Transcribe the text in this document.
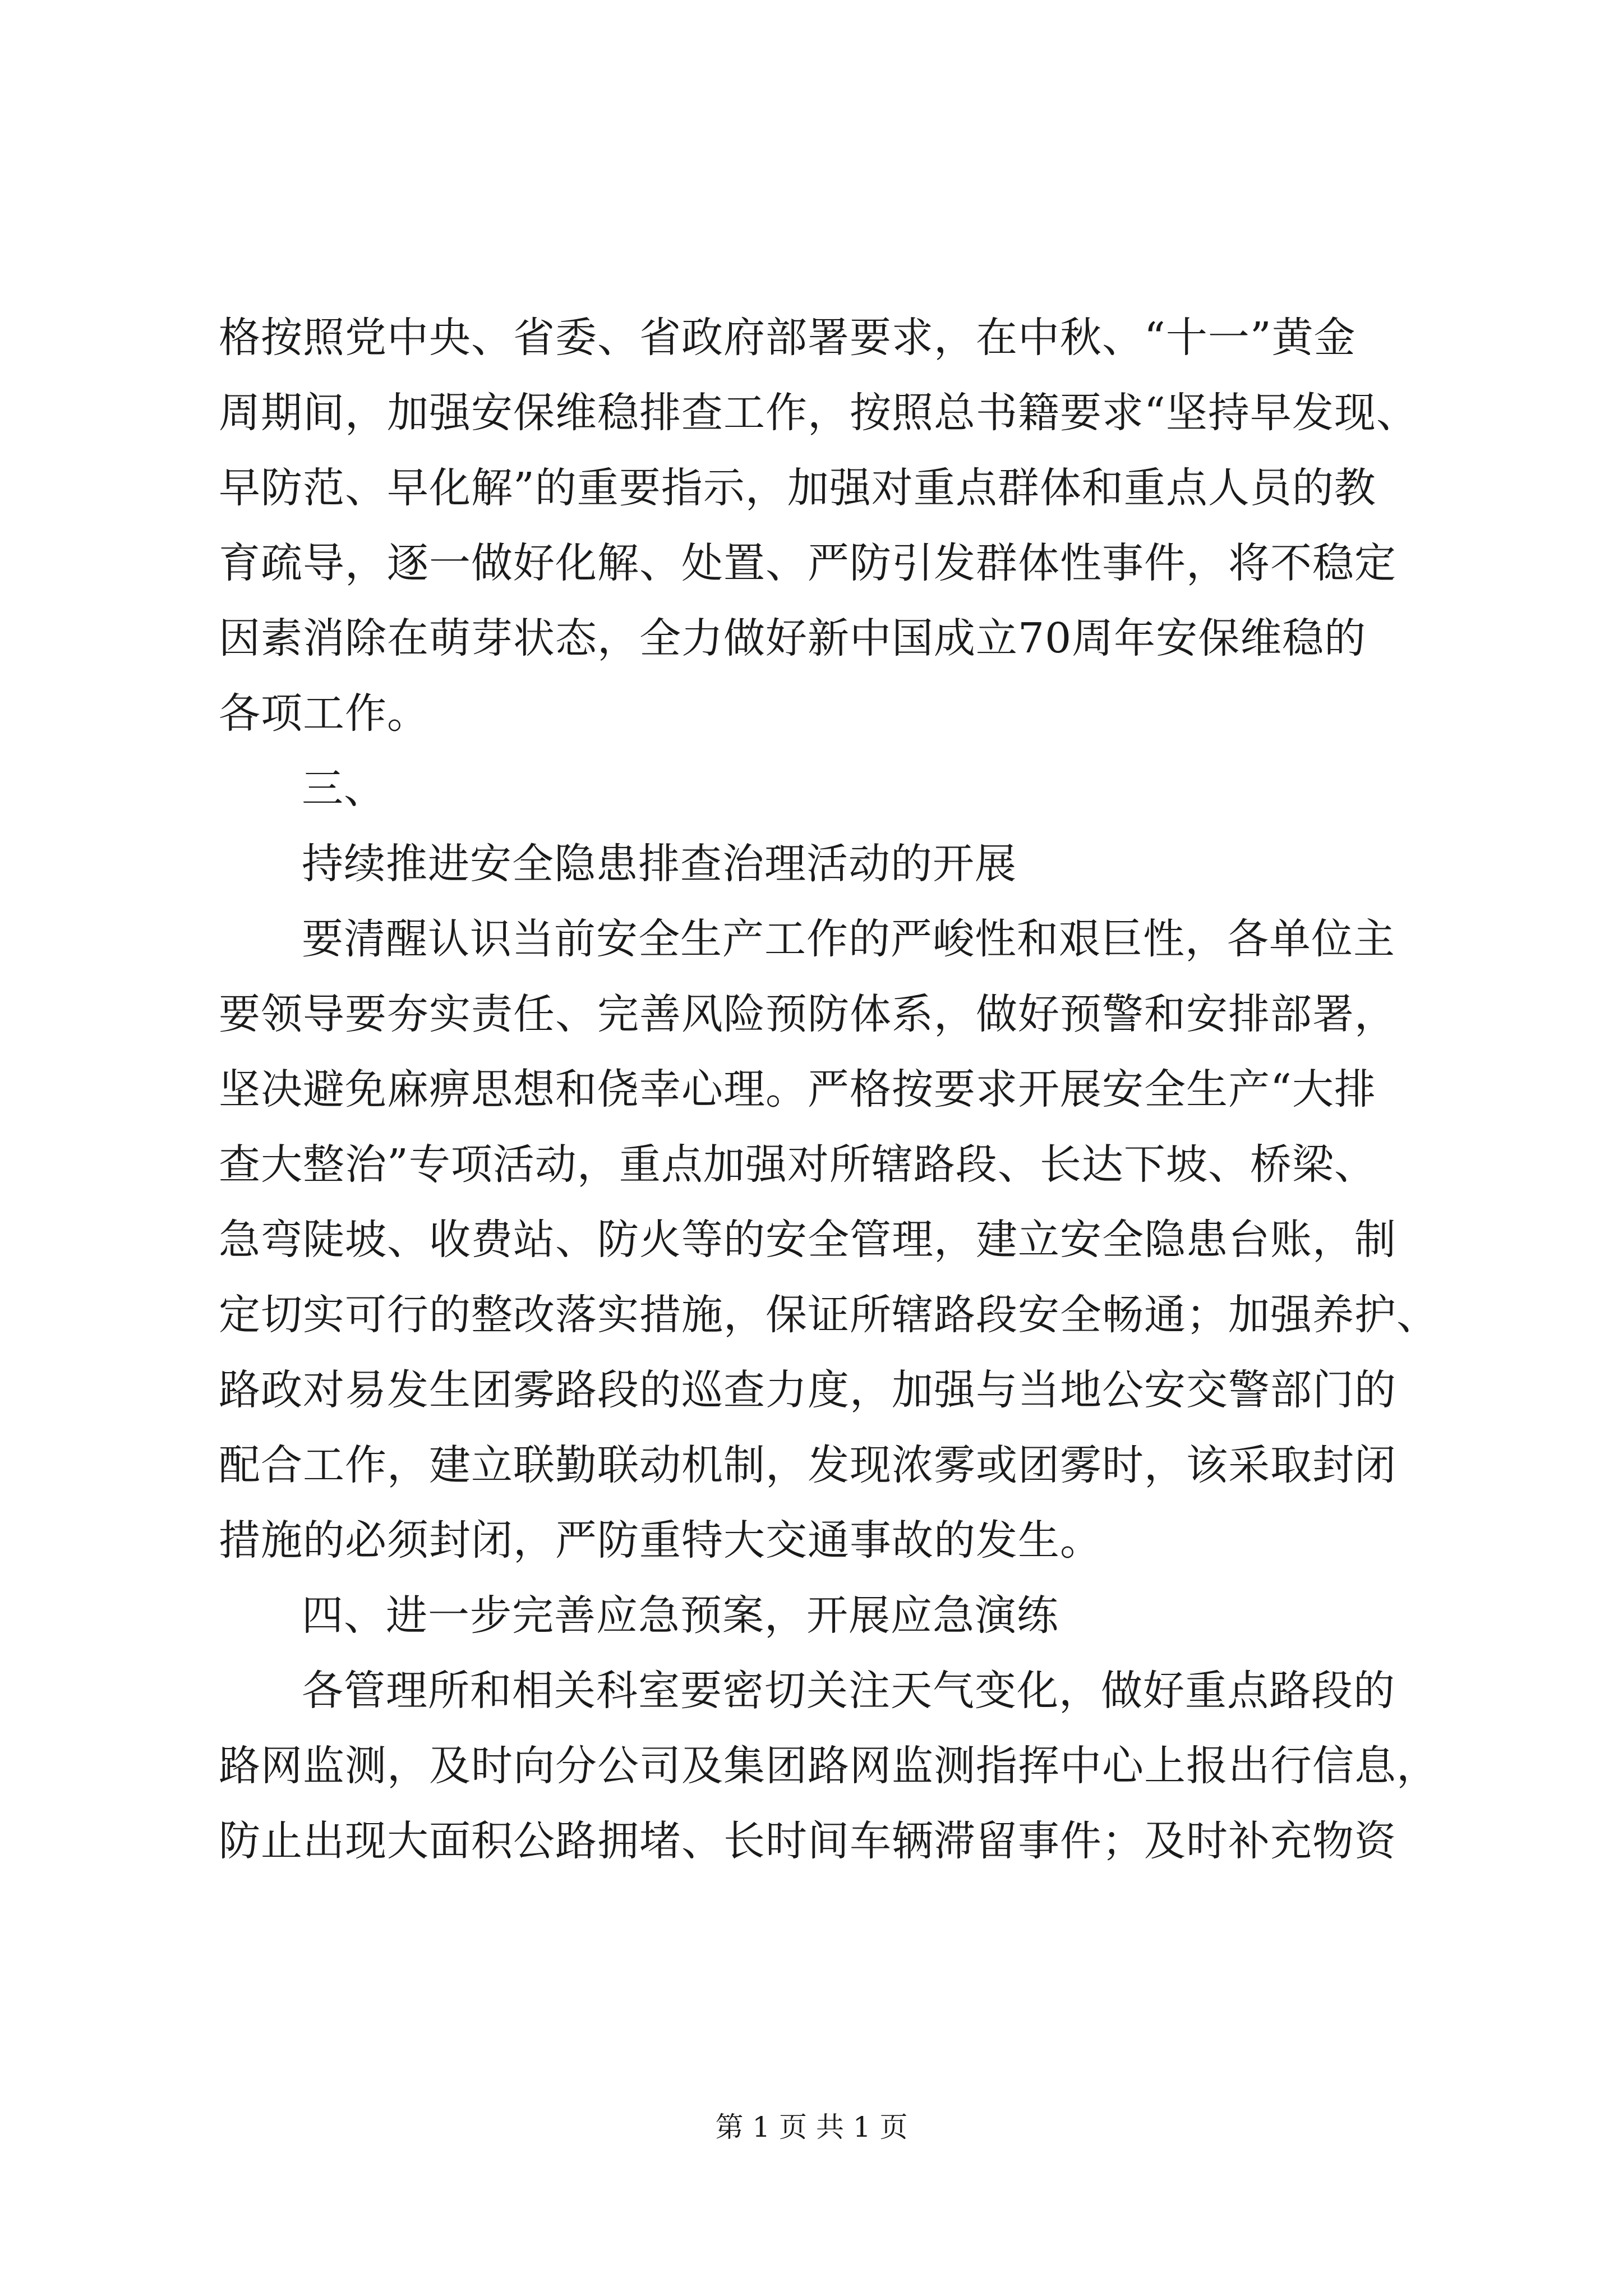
格按照党中央、省委、省政府部署要求，在中秋、“十一”黄金
周期间，加强安保维稳排查工作，按照总书籍要求“坚持早发现、
早防范、早化解”的重要指示，加强对重点群体和重点人员的教
育疏导，逐一做好化解、处置、严防引发群体性事件，将不稳定
因素消除在萌芽状态，全力做好新中国成立70周年安保维稳的
各项工作。
三、
持续推进安全隐患排查治理活动的开展
要清醒认识当前安全生产工作的严峻性和艰巨性，各单位主
要领导要夯实责任、完善风险预防体系，做好预警和安排部署，
坚决避免麻痹思想和侥幸心理。严格按要求开展安全生产“大排
查大整治”专项活动，重点加强对所辖路段、长达下坡、桥梁、
急弯陡坡、收费站、防火等的安全管理，建立安全隐患台账，制
定切实可行的整改落实措施，保证所辖路段安全畅通；加强养护、
路政对易发生团雾路段的巡查力度，加强与当地公安交警部门的
配合工作，建立联勤联动机制，发现浓雾或团雾时，该采取封闭
措施的必须封闭，严防重特大交通事故的发生。
四、进一步完善应急预案，开展应急演练
各管理所和相关科室要密切关注天气变化，做好重点路段的
路网监测，及时向分公司及集团路网监测指挥中心上报出行信息，
防止出现大面积公路拥堵、长时间车辆滞留事件；及时补充物资
第 1 页 共 1 页
